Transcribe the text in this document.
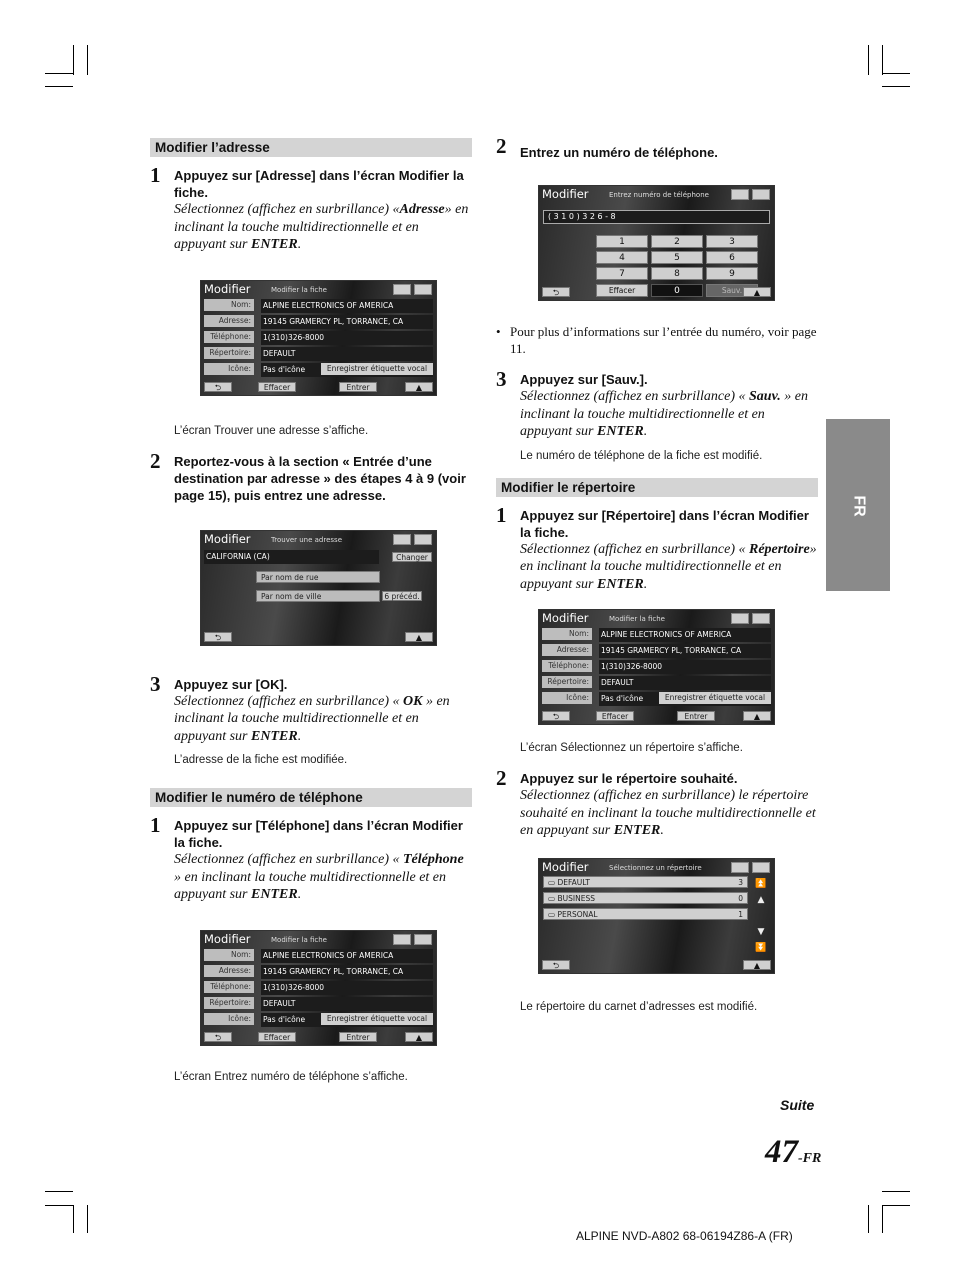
Modifier l’adresse
1 Appuyez sur [Adresse] dans l’écran Modifier la fiche.
Sélectionnez (affichez en surbrillance) «Adresse» en inclinant la touche multidirectionnelle et en appuyant sur ENTER.
Modifier	Modifier la fiche
Nom:	ALPINE ELECTRONICS OF AMERICA
Adresse:	19145 GRAMERCY PL, TORRANCE, CA
Téléphone:	1(310)326-8000
Répertoire:	DEFAULT
Icône:	Pas d'icône	Enregistrer étiquette vocal
⮌	Effacer	Entrer	▲
L’écran Trouver une adresse s’affiche.
2 Reportez-vous à la section « Entrée d’une destination par adresse » des étapes 4 à 9 (voir page 15), puis entrez une adresse.
Modifier	Trouver une adresse
CALIFORNIA (CA)	Changer
Par nom de rue
Par nom de ville	6 précéd.
⮌	▲
3 Appuyez sur [OK].
Sélectionnez (affichez en surbrillance) « OK » en inclinant la touche multidirectionnelle et en appuyant sur ENTER.
L’adresse de la fiche est modifiée.
Modifier le numéro de téléphone
1 Appuyez sur [Téléphone] dans l’écran Modifier la fiche.
Sélectionnez (affichez en surbrillance) « Téléphone » en inclinant la touche multidirectionnelle et en appuyant sur ENTER.
Modifier	Modifier la fiche
Nom:	ALPINE ELECTRONICS OF AMERICA
Adresse:	19145 GRAMERCY PL, TORRANCE, CA
Téléphone:	1(310)326-8000
Répertoire:	DEFAULT
Icône:	Pas d'icône	Enregistrer étiquette vocal
⮌	Effacer	Entrer	▲
L’écran Entrez numéro de téléphone s’affiche.
2 Entrez un numéro de téléphone.
Modifier	Entrez numéro de téléphone
( 3 1 0 ) 3 2 6 - 8
1	2	3
4	5	6
7	8	9
Effacer	0	Sauv.
⮌	▲
• Pour plus d’informations sur l’entrée du numéro, voir page 11.
3 Appuyez sur [Sauv.].
Sélectionnez (affichez en surbrillance) « Sauv. » en inclinant la touche multidirectionnelle et en appuyant sur ENTER.
Le numéro de téléphone de la fiche est modifié.
Modifier le répertoire
1 Appuyez sur [Répertoire] dans l’écran Modifier la fiche.
Sélectionnez (affichez en surbrillance) « Répertoire» en inclinant la touche multidirectionnelle et en appuyant sur ENTER.
Modifier	Modifier la fiche
Nom:	ALPINE ELECTRONICS OF AMERICA
Adresse:	19145 GRAMERCY PL, TORRANCE, CA
Téléphone:	1(310)326-8000
Répertoire:	DEFAULT
Icône:	Pas d'icône	Enregistrer étiquette vocal
⮌	Effacer	Entrer	▲
L’écran Sélectionnez un répertoire s’affiche.
2 Appuyez sur le répertoire souhaité.
Sélectionnez (affichez en surbrillance) le répertoire souhaité en inclinant la touche multidirectionnelle et en appuyant sur ENTER.
Modifier	Sélectionnez un répertoire
▭ DEFAULT	3
▭ BUSINESS	0
▭ PERSONAL	1
⏫
▲

▼
⏬
⮌	▲
Le répertoire du carnet d’adresses est modifié.
FR
Suite
47-FR
ALPINE NVD-A802 68-06194Z86-A (FR)
